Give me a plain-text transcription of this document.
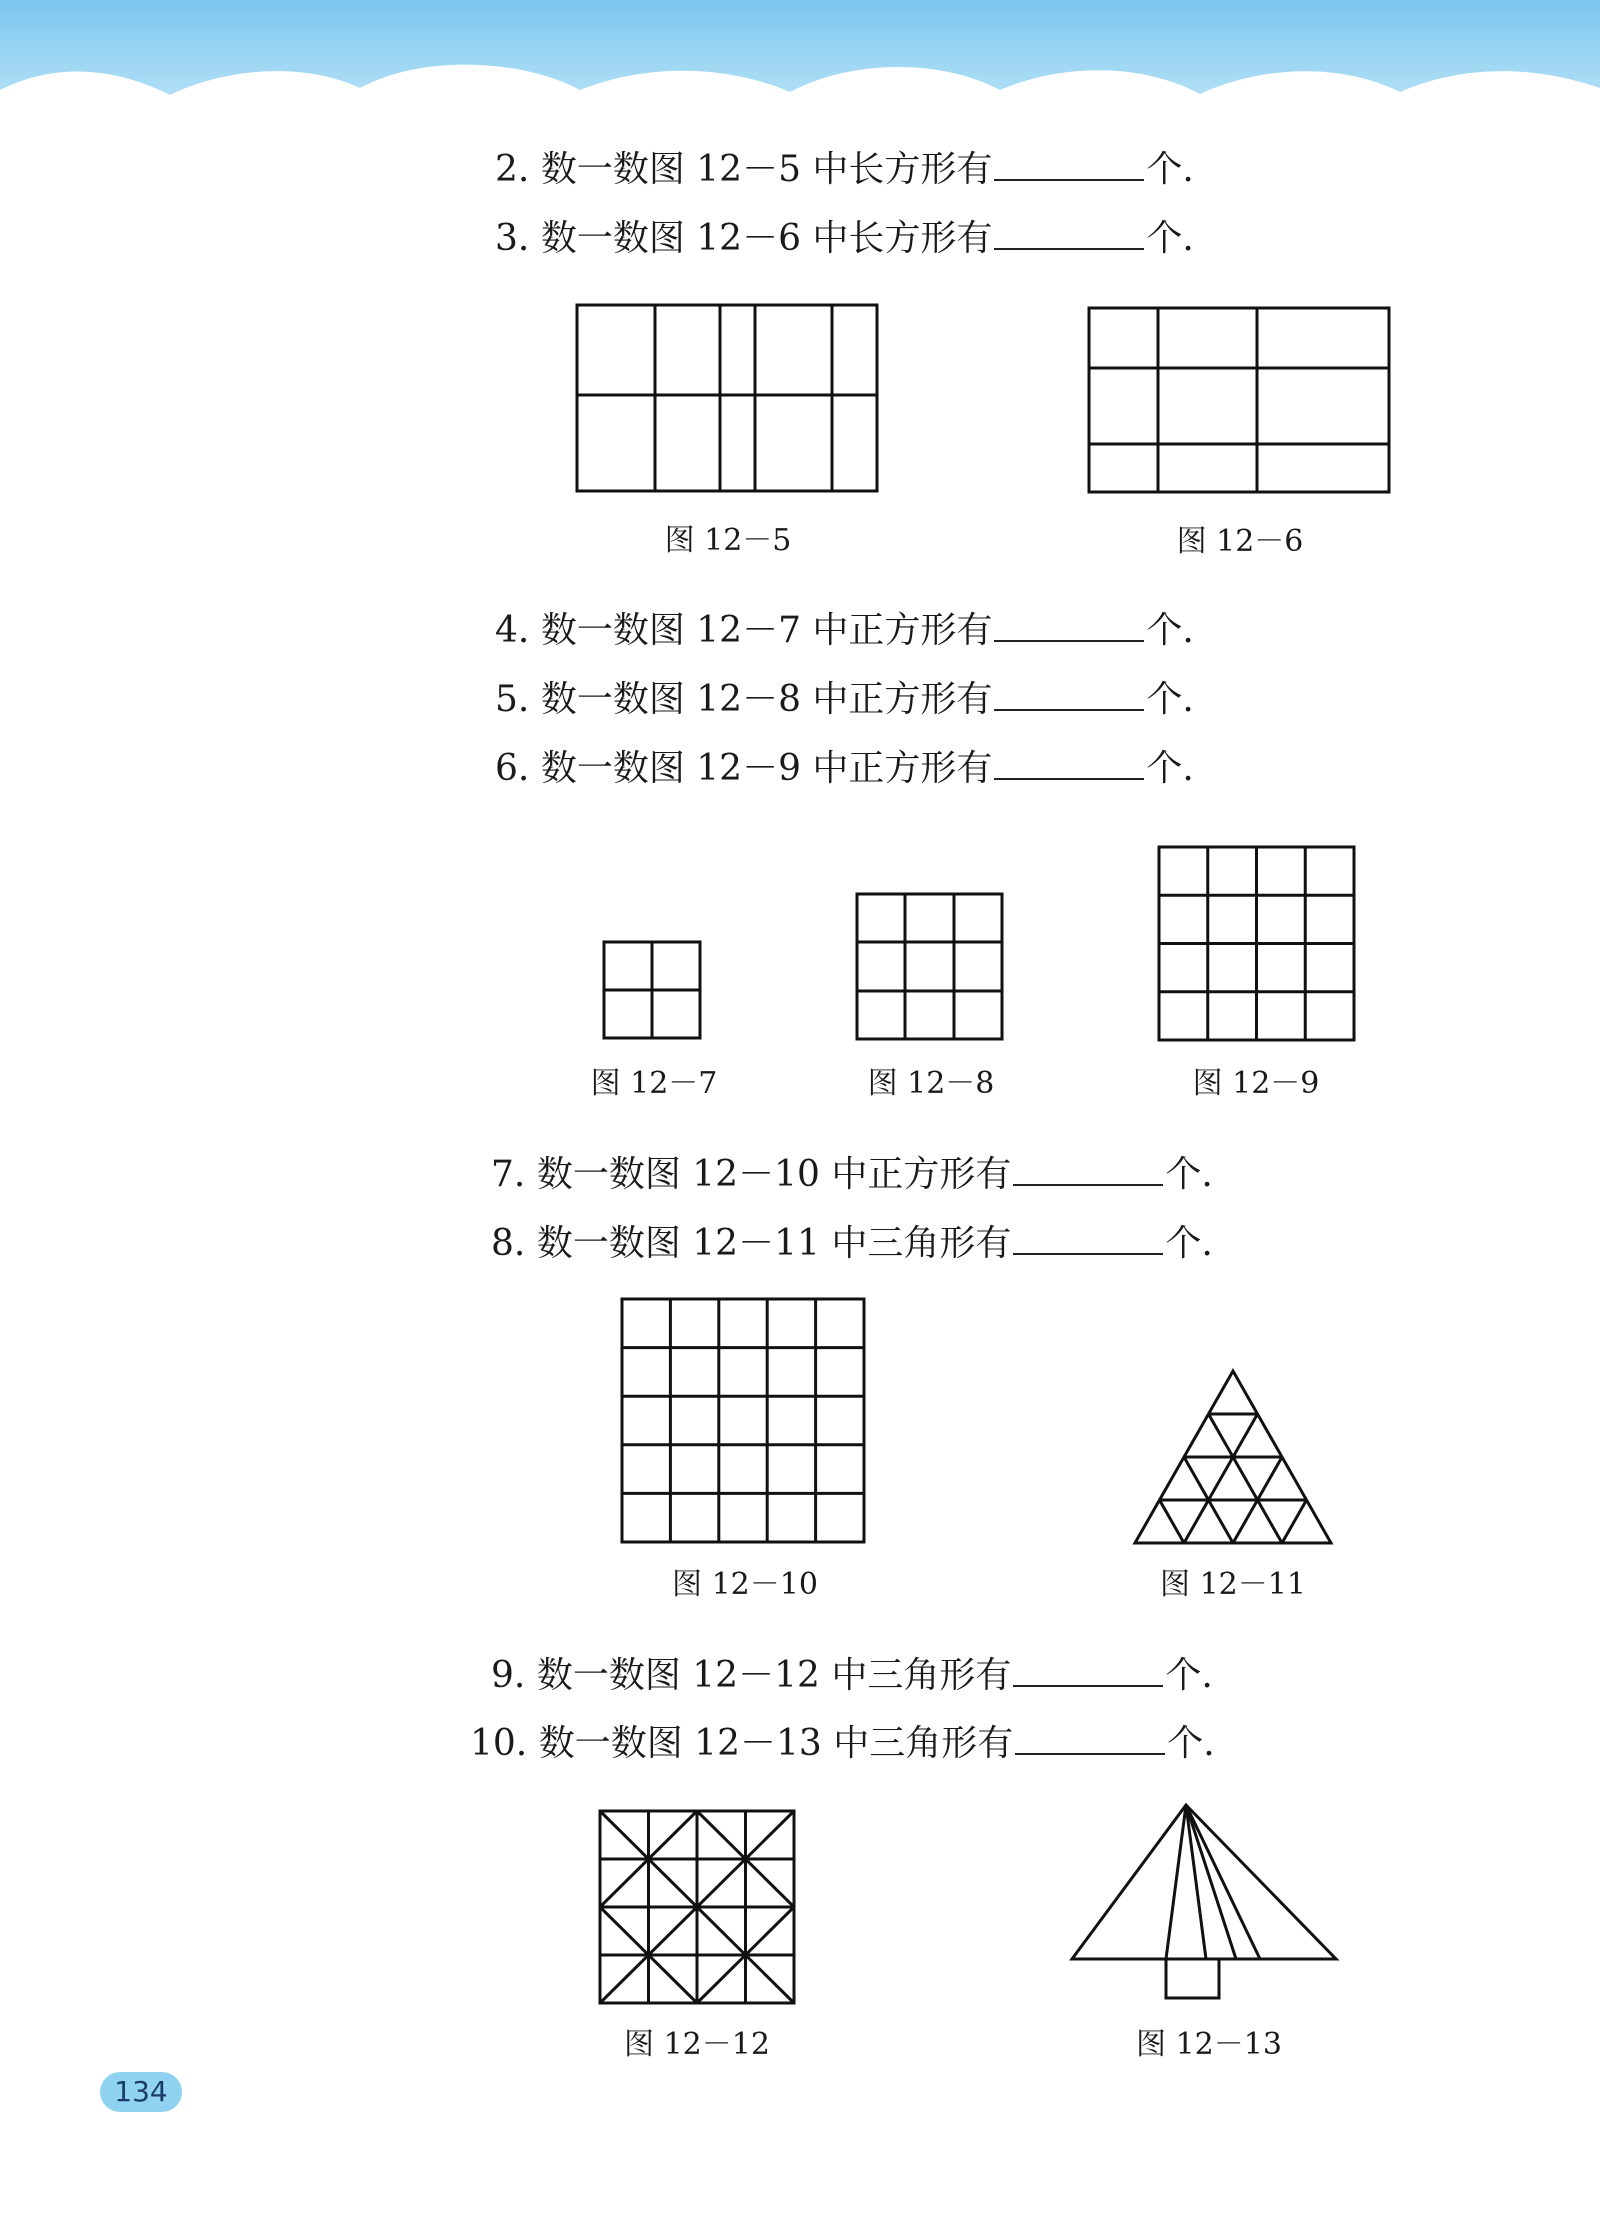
2. 数一数图 12－5 中长方形有	个.
3. 数一数图 12－6 中长方形有	个.
图 12－5	图 12－6
4. 数一数图 12－7 中正方形有	个.
5. 数一数图 12－8 中正方形有	个.
6. 数一数图 12－9 中正方形有	个.
图 12－7	图 12－8	图 12－9
7. 数一数图 12－10 中正方形有	个.
8. 数一数图 12－11 中三角形有	个.
图 12－10	图 12－11
9. 数一数图 12－12 中三角形有	个.
10. 数一数图 12－13 中三角形有	个.
图 12－12	图 12－13
134
